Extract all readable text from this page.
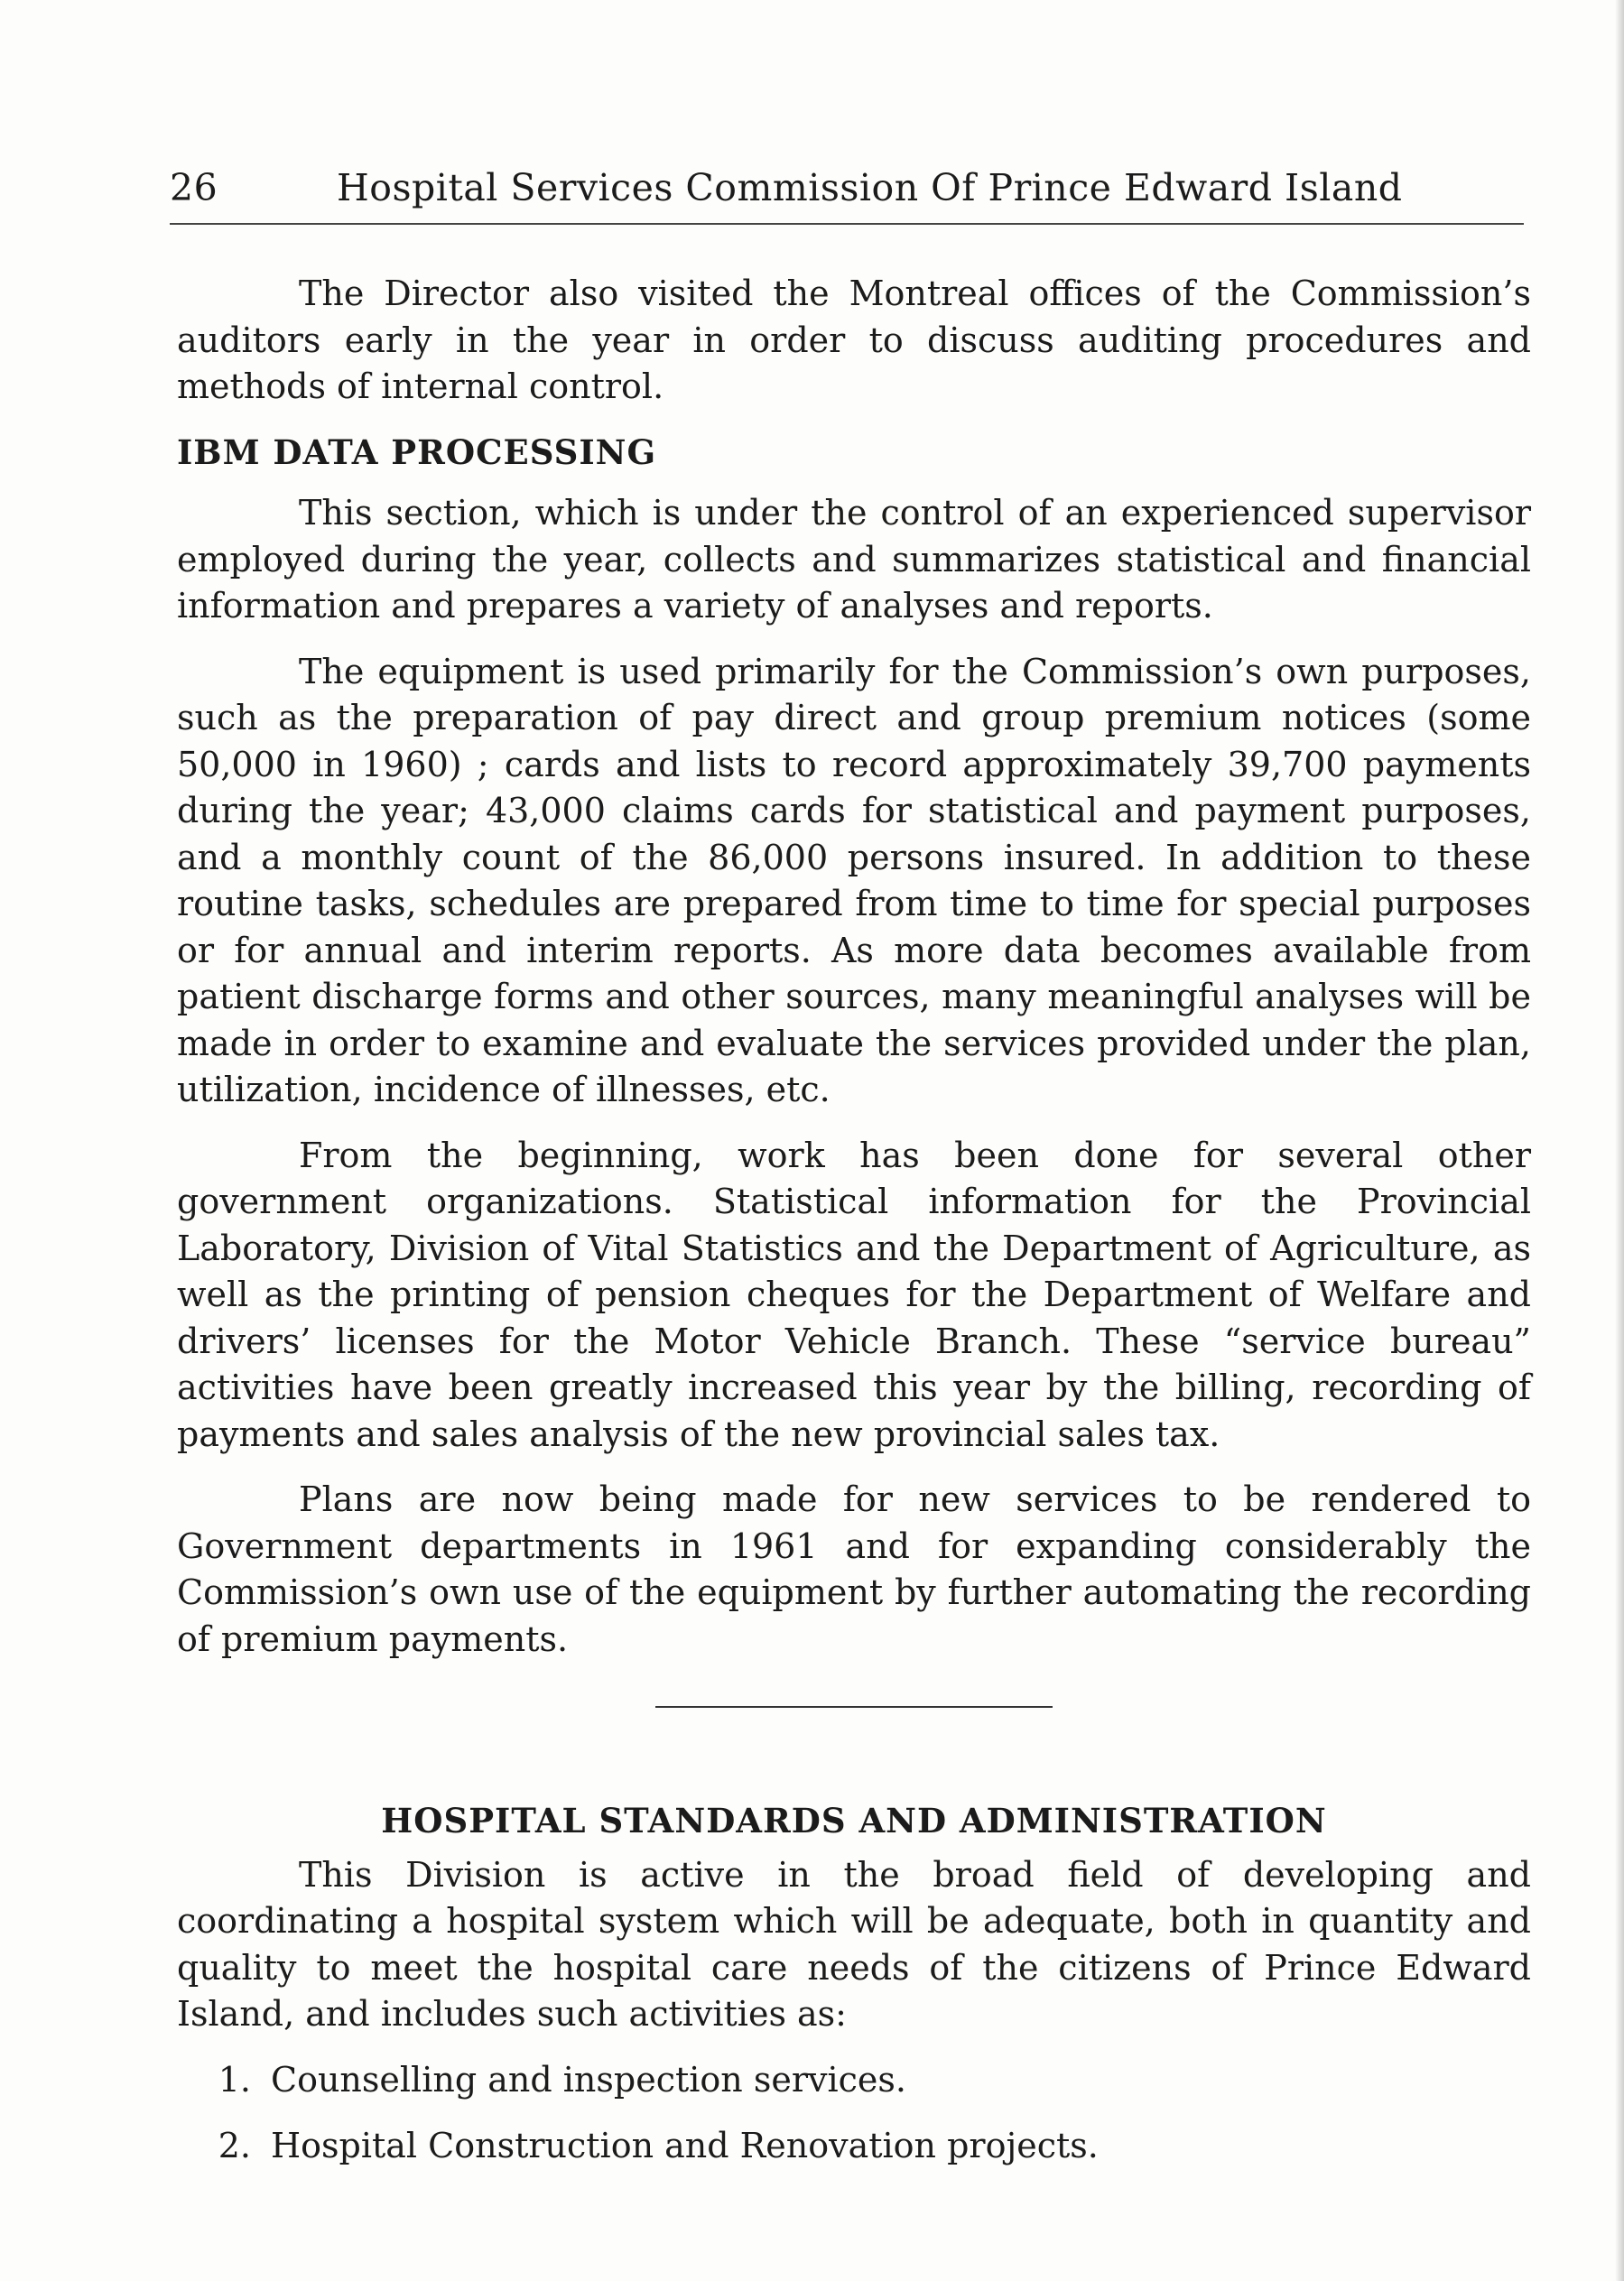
26	Hospital Services Commission Of Prince Edward Island

The Director also visited the Montreal offices of the Commission’s auditors early in the year in order to discuss auditing procedures and methods of internal control.

IBM DATA PROCESSING

This section, which is under the control of an experienced supervisor employed during the year, collects and summarizes statistical and financial information and prepares a variety of analyses and reports.

The equipment is used primarily for the Commission’s own purposes, such as the preparation of pay direct and group premium notices (some 50,000 in 1960) ; cards and lists to record approximately 39,700 payments during the year; 43,000 claims cards for statistical and payment purposes, and a monthly count of the 86,000 persons insured. In addition to these routine tasks, schedules are prepared from time to time for special purposes or for annual and interim reports. As more data becomes available from patient discharge forms and other sources, many meaningful analyses will be made in order to examine and evaluate the services provided under the plan, utilization, incidence of illnesses, etc.

From the beginning, work has been done for several other government organizations. Statistical information for the Provincial Laboratory, Division of Vital Statistics and the Department of Agriculture, as well as the printing of pension cheques for the Department of Welfare and drivers’ licenses for the Motor Vehicle Branch. These “service bureau” activities have been greatly increased this year by the billing, recording of payments and sales analysis of the new provincial sales tax.

Plans are now being made for new services to be rendered to Government departments in 1961 and for expanding considerably the Commission’s own use of the equipment by further automating the recording of premium payments.

HOSPITAL STANDARDS AND ADMINISTRATION

This Division is active in the broad field of developing and coordinating a hospital system which will be adequate, both in quantity and quality to meet the hospital care needs of the citizens of Prince Edward Island, and includes such activities as:

1. Counselling and inspection services.
2. Hospital Construction and Renovation projects.
